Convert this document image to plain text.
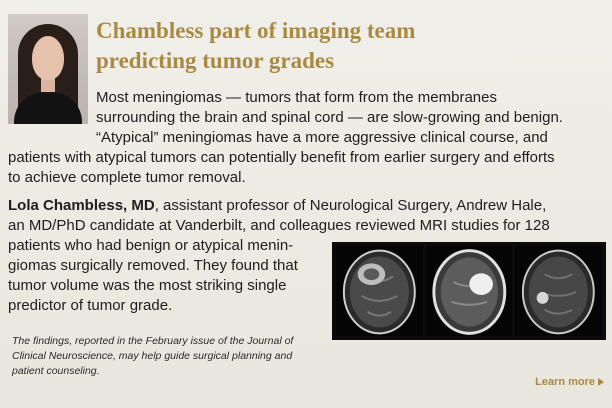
Chambless part of imaging team
predicting tumor grades

Most meningiomas — tumors that form from the membranes
surrounding the brain and spinal cord — are slow-growing and benign.
“Atypical” meningiomas have a more aggressive clinical course, and

patients with atypical tumors can potentially benefit from earlier surgery and efforts
to achieve complete tumor removal.

Lola Chambless, MD, assistant professor of Neurological Surgery, Andrew Hale,
an MD/PhD candidate at Vanderbilt, and colleagues reviewed MRI studies for 128

patients who had benign or atypical menin-
giomas surgically removed. They found that
tumor volume was the most striking single
predictor of tumor grade.

The findings, reported in the February issue of the Journal of
Clinical Neuroscience, may help guide surgical planning and
patient counseling.

Learn more
